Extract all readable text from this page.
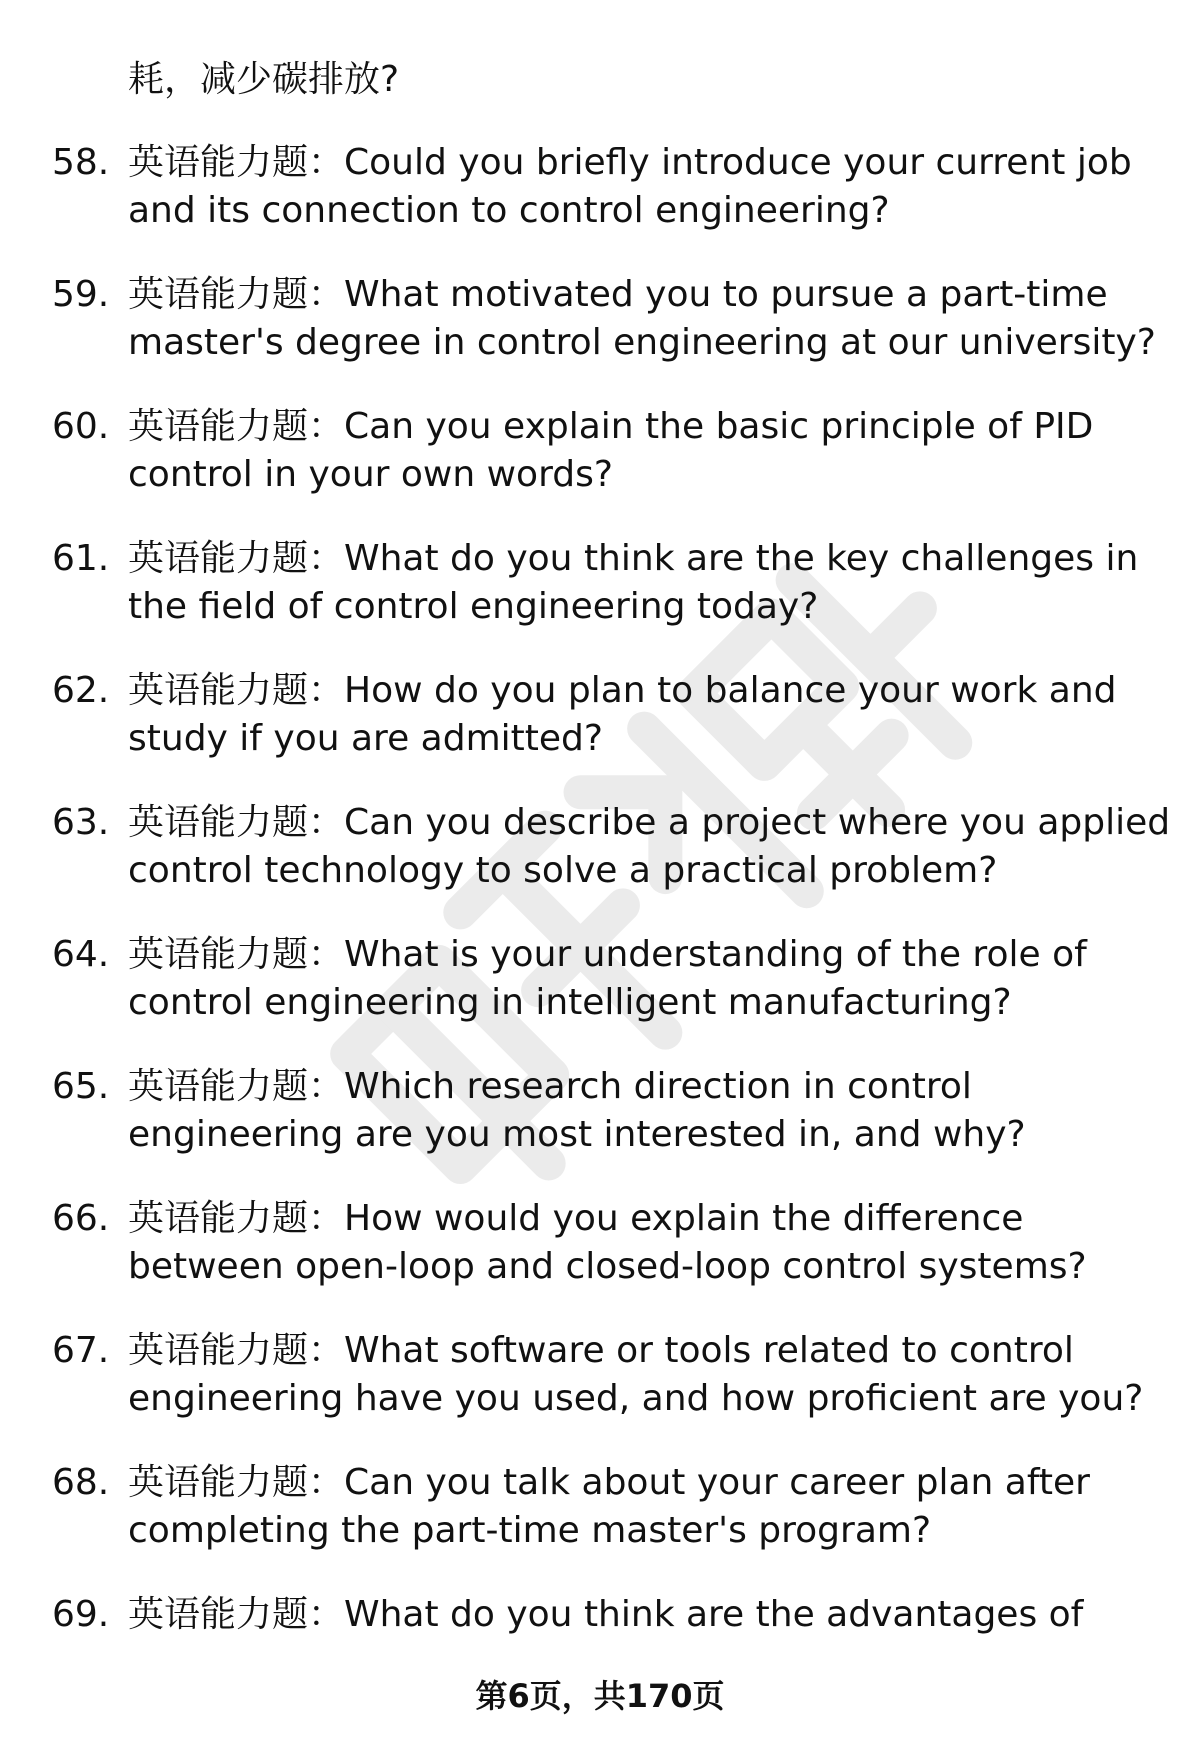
耗，减少碳排放?

58. 英语能力题：Could you briefly introduce your current job
and its connection to control engineering?
59. 英语能力题：What motivated you to pursue a part-time
master's degree in control engineering at our university?
60. 英语能力题：Can you explain the basic principle of PID
control in your own words?
61. 英语能力题：What do you think are the key challenges in
the field of control engineering today?
62. 英语能力题：How do you plan to balance your work and
study if you are admitted?
63. 英语能力题：Can you describe a project where you applied
control technology to solve a practical problem?
64. 英语能力题：What is your understanding of the role of
control engineering in intelligent manufacturing?
65. 英语能力题：Which research direction in control
engineering are you most interested in, and why?
66. 英语能力题：How would you explain the difference
between open-loop and closed-loop control systems?
67. 英语能力题：What software or tools related to control
engineering have you used, and how proficient are you?
68. 英语能力题：Can you talk about your career plan after
completing the part-time master's program?
69. 英语能力题：What do you think are the advantages of
第6页，共170页
